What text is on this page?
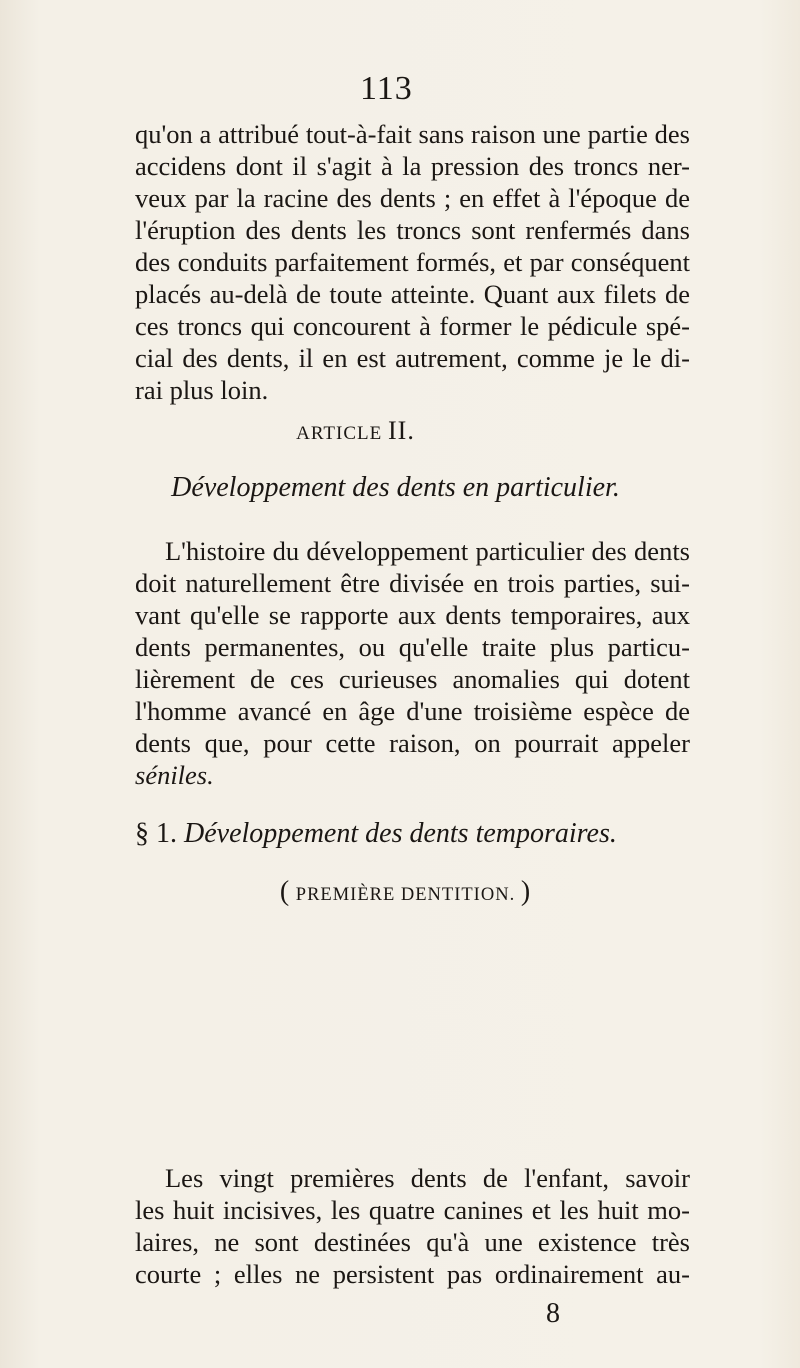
113
qu'on a attribué tout-à-fait sans raison une partie des
accidens dont il s'agit à la pression des troncs ner-
veux par la racine des dents ; en effet à l'époque de
l'éruption des dents les troncs sont renfermés dans
des conduits parfaitement formés, et par conséquent
placés au-delà de toute atteinte. Quant aux filets de
ces troncs qui concourent à former le pédicule spé-
cial des dents, il en est autrement, comme je le di-
rai plus loin.
ARTICLE II.
Développement des dents en particulier.
L'histoire du développement particulier des dents
doit naturellement être divisée en trois parties, sui-
vant qu'elle se rapporte aux dents temporaires, aux
dents permanentes, ou qu'elle traite plus particu-
lièrement de ces curieuses anomalies qui dotent
l'homme avancé en âge d'une troisième espèce de
dents que, pour cette raison, on pourrait appeler
séniles.
§ 1. Développement des dents temporaires.
( PREMIÈRE DENTITION. )
Les vingt premières dents de l'enfant, savoir
les huit incisives, les quatre canines et les huit mo-
laires, ne sont destinées qu'à une existence très
courte ; elles ne persistent pas ordinairement au-
8
